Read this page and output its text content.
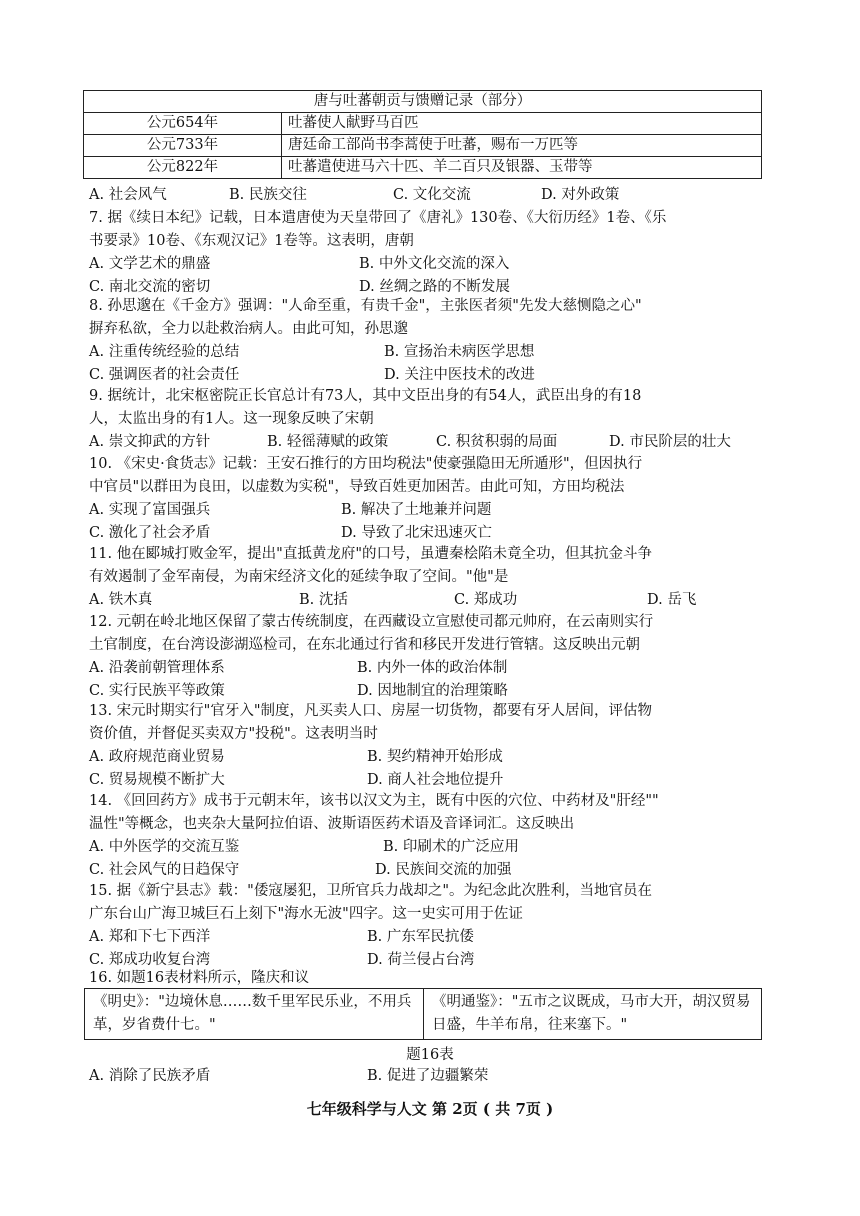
唐与吐蕃朝贡与馈赠记录（部分）	
公元654年	吐蕃使人献野马百匹
公元733年	唐廷命工部尚书李蒿使于吐蕃，赐布一万匹等
公元822年	吐蕃遣使进马六十匹、羊二百只及银器、玉带等
A. 社会风气	B. 民族交往	C. 文化交流	D. 对外政策
7. 据《续日本纪》记载，日本遣唐使为天皇带回了《唐礼》130卷、《大衍历经》1卷、《乐
书要录》10卷、《东观汉记》1卷等。这表明，唐朝
A. 文学艺术的鼎盛	B. 中外文化交流的深入
C. 南北交流的密切	D. 丝绸之路的不断发展
8. 孙思邈在《千金方》强调："人命至重，有贵千金"，主张医者须"先发大慈恻隐之心"
摒弃私欲，全力以赴救治病人。由此可知，孙思邈
A. 注重传统经验的总结	B. 宣扬治未病医学思想
C. 强调医者的社会责任	D. 关注中医技术的改进
9. 据统计，北宋枢密院正长官总计有73人，其中文臣出身的有54人，武臣出身的有18
人，太监出身的有1人。这一现象反映了宋朝
A. 崇文抑武的方针	B. 轻徭薄赋的政策	C. 积贫积弱的局面	D. 市民阶层的壮大
10. 《宋史·食货志》记载：王安石推行的方田均税法"使豪强隐田无所遁形"，但因执行
中官员"以群田为良田，以虚数为实税"，导致百姓更加困苦。由此可知，方田均税法
A. 实现了富国强兵	B. 解决了土地兼并问题
C. 激化了社会矛盾	D. 导致了北宋迅速灭亡
11. 他在郾城打败金军，提出"直抵黄龙府"的口号，虽遭秦桧陷未竟全功，但其抗金斗争
有效遏制了金军南侵，为南宋经济文化的延续争取了空间。"他"是
A. 铁木真	B. 沈括	C. 郑成功	D. 岳飞
12. 元朝在岭北地区保留了蒙古传统制度，在西藏设立宣慰使司都元帅府，在云南则实行
土官制度，在台湾设澎湖巡检司，在东北通过行省和移民开发进行管辖。这反映出元朝
A. 沿袭前朝管理体系	B. 内外一体的政治体制
C. 实行民族平等政策	D. 因地制宜的治理策略
13. 宋元时期实行"官牙入"制度，凡买卖人口、房屋一切货物，都要有牙人居间，评估物
资价值，并督促买卖双方"投税"。这表明当时
A. 政府规范商业贸易	B. 契约精神开始形成
C. 贸易规模不断扩大	D. 商人社会地位提升
14. 《回回药方》成书于元朝末年，该书以汉文为主，既有中医的穴位、中药材及"肝经""
温性"等概念，也夹杂大量阿拉伯语、波斯语医药术语及音译词汇。这反映出
A. 中外医学的交流互鉴	B. 印刷术的广泛应用
C. 社会风气的日趋保守	D. 民族间交流的加强
15. 据《新宁县志》载："倭寇屡犯，卫所官兵力战却之"。为纪念此次胜利，当地官员在
广东台山广海卫城巨石上刻下"海水无波"四字。这一史实可用于佐证
A. 郑和下七下西洋	B. 广东军民抗倭
C. 郑成功收复台湾	D. 荷兰侵占台湾
16. 如题16表材料所示，隆庆和议
《明史》："边境休息……数千里军民乐业，不用兵革，岁省费什七。"	《明通鉴》："五市之议既成，马市大开，胡汉贸易日盛，牛羊布帛，往来塞下。"
题16表
A. 消除了民族矛盾	B. 促进了边疆繁荣
七年级科学与人文 第 2页 ( 共 7页 )
